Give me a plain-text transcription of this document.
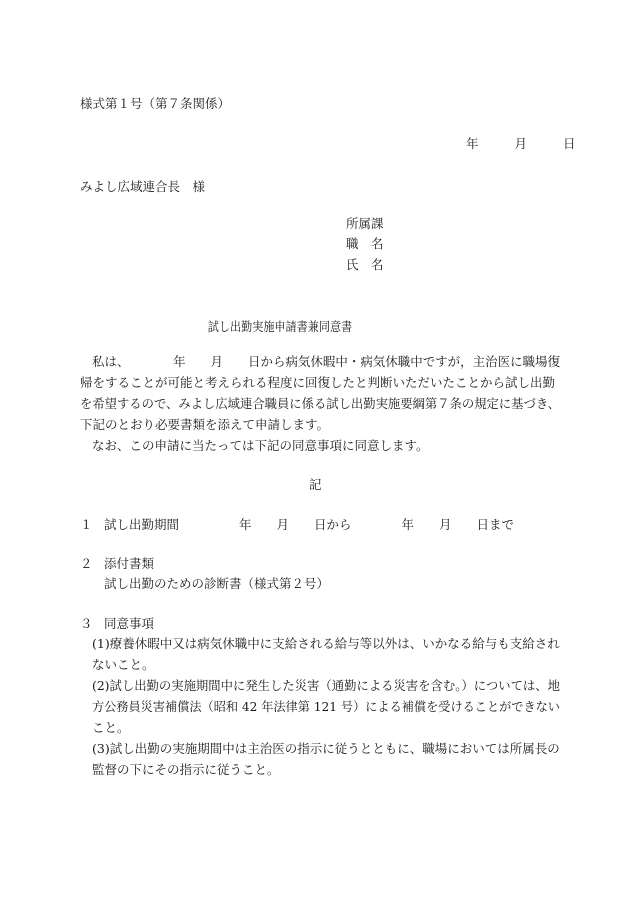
様式第１号（第７条関係）
年	月	日
みよし広域連合長　様
所属課
職　名
氏　名
試し出勤実施申請書兼同意書
私は、　　　　年　　月　　日から病気休暇中・病気休職中ですが，主治医に職場復
帰をすることが可能と考えられる程度に回復したと判断いただいたことから試し出勤
を希望するので、みよし広域連合職員に係る試し出勤実施要綱第７条の規定に基づき、
下記のとおり必要書類を添えて申請します。
なお、この申請に当たっては下記の同意事項に同意します。
記
１ 試し出勤期間	年　　月　　日から　　　　年　　月　　日まで
２ 添付書類
試し出勤のための診断書（様式第２号）
３ 同意事項
(1)療養休暇中又は病気休職中に支給される給与等以外は、いかなる給与も支給され
ないこと。
(2)試し出勤の実施期間中に発生した災害（通勤による災害を含む。）については、地
方公務員災害補償法（昭和 42 年法律第 121 号）による補償を受けることができない
こと。
(3)試し出勤の実施期間中は主治医の指示に従うとともに、職場においては所属長の
監督の下にその指示に従うこと。
